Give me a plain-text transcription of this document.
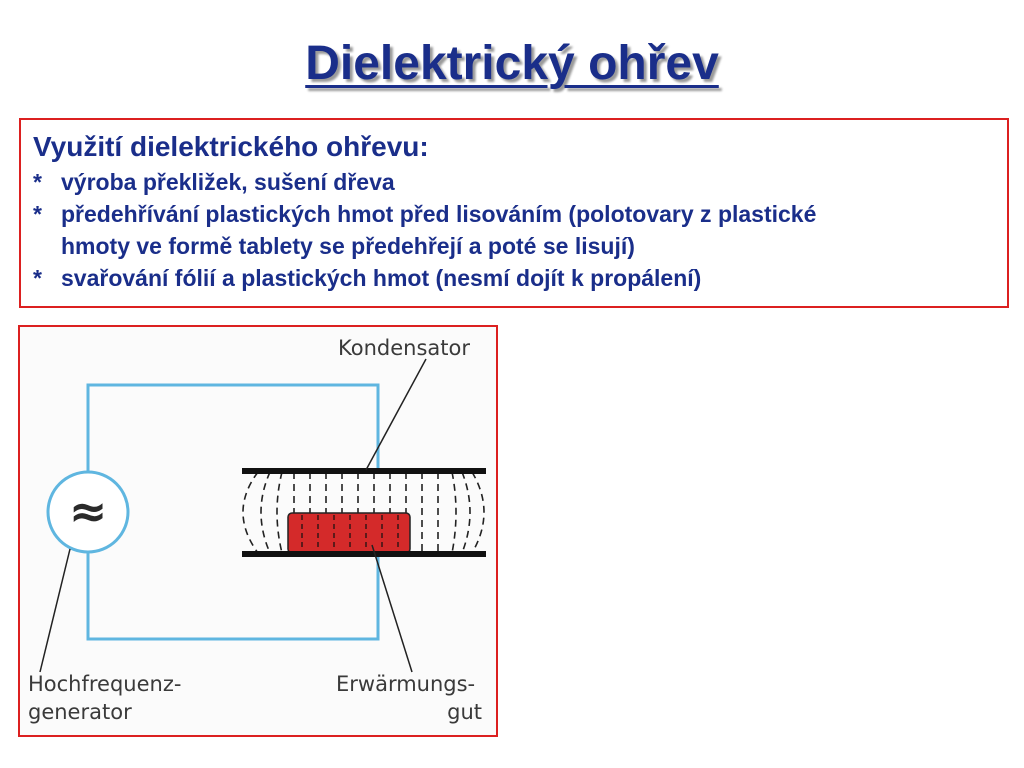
Dielektrický ohřev
Využití dielektrického ohřevu:
* výroba překližek, sušení dřeva
* předehřívání plastických hmot před lisováním (polotovary z plastické
hmoty ve formě tablety se předehřejí a poté se lisují)
* svařování fólií a plastických hmot (nesmí dojít k propálení)
≈
Kondensator
Hochfrequenz-
generator
Erwärmungs-
gut
